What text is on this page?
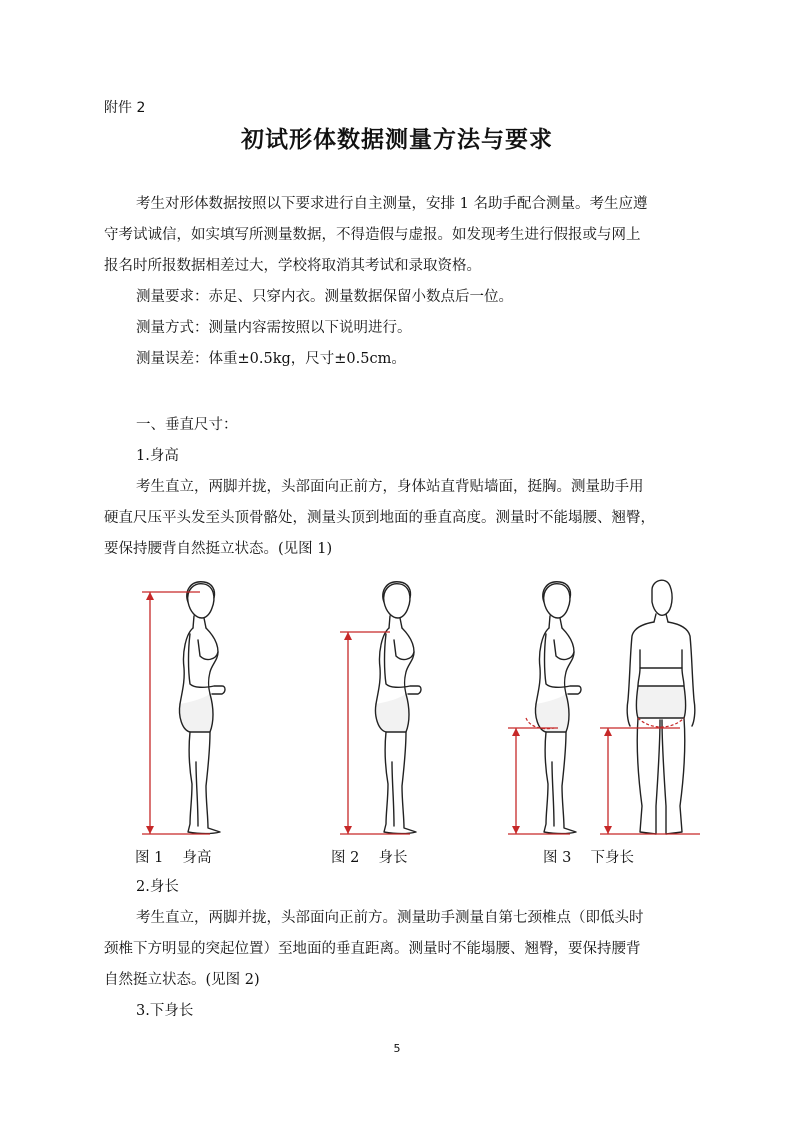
附件 2
初试形体数据测量方法与要求
考生对形体数据按照以下要求进行自主测量，安排 1 名助手配合测量。考生应遵
守考试诚信，如实填写所测量数据，不得造假与虚报。如发现考生进行假报或与网上
报名时所报数据相差过大，学校将取消其考试和录取资格。
测量要求：赤足、只穿内衣。测量数据保留小数点后一位。
测量方式：测量内容需按照以下说明进行。
测量误差：体重±0.5kg，尺寸±0.5cm。
一、垂直尺寸：
1.身高
考生直立，两脚并拢，头部面向正前方，身体站直背贴墙面，挺胸。测量助手用
硬直尺压平头发至头顶骨骼处，测量头顶到地面的垂直高度。测量时不能塌腰、翘臀，
要保持腰背自然挺立状态。(见图 1)
图 1　 身高	图 2　 身长	图 3　 下身长
2.身长
考生直立，两脚并拢，头部面向正前方。测量助手测量自第七颈椎点（即低头时
颈椎下方明显的突起位置）至地面的垂直距离。测量时不能塌腰、翘臀，要保持腰背
自然挺立状态。(见图 2)
3.下身长
5
